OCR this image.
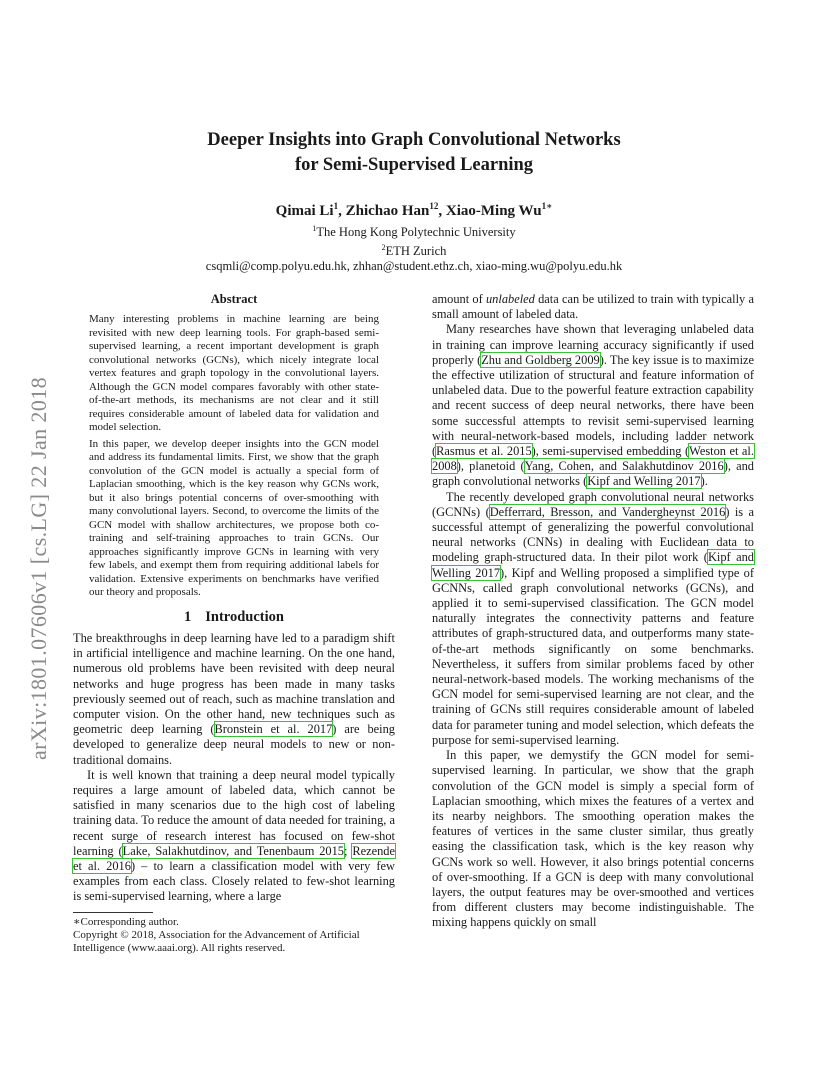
arXiv:1801.07606v1 [cs.LG] 22 Jan 2018
Deeper Insights into Graph Convolutional Networks
for Semi-Supervised Learning
Qimai Li$^1$, Zhichao Han$^{12}$, Xiao-Ming $Wu^{1∗}$
$^1$The Hong Kong Polytechnic University
$^2$ETH Zurich
csqmli@comp.polyu.edu.hk, zhhan@student.ethz.ch, xiao-ming.wu@polyu.edu.hk
Abstract

Many interesting problems in machine learning are being revisited with new deep learning tools. For graph-based semi-supervised learning, a recent important development is graph convolutional networks (GCNs), which nicely integrate local vertex features and graph topology in the convolutional layers. Although the GCN model compares favorably with other state-of-the-art methods, its mechanisms are not clear and it still requires considerable amount of labeled data for validation and model selection.

In this paper, we develop deeper insights into the GCN model and address its fundamental limits. First, we show that the graph convolution of the GCN model is actually a special form of Laplacian smoothing, which is the key reason why GCNs work, but it also brings potential concerns of over-smoothing with many convolutional layers. Second, to overcome the limits of the GCN model with shallow architectures, we propose both co-training and self-training approaches to train GCNs. Our approaches significantly improve GCNs in learning with very few labels, and exempt them from requiring additional labels for validation. Extensive experiments on benchmarks have verified our theory and proposals.

1 Introduction

The breakthroughs in deep learning have led to a paradigm shift in artificial intelligence and machine learning. On the one hand, numerous old problems have been revisited with deep neural networks and huge progress has been made in many tasks previously seemed out of reach, such as machine translation and computer vision. On the other hand, new techniques such as geometric deep learning (Bronstein et al. 2017) are being developed to generalize deep neural models to new or non-traditional domains.

It is well known that training a deep neural model typically requires a large amount of labeled data, which cannot be satisfied in many scenarios due to the high cost of labeling training data. To reduce the amount of data needed for training, a recent surge of research interest has focused on few-shot learning (Lake, Salakhutdinov, and Tenenbaum 2015; Rezende et al. 2016) – to learn a classification model with very few examples from each class. Closely related to few-shot learning is semi-supervised learning, where a large

∗Corresponding author.

Copyright © 2018, Association for the Advancement of Artificial Intelligence (www.aaai.org). All rights reserved.

amount of unlabeled data can be utilized to train with typically a small amount of labeled data.

Many researches have shown that leveraging unlabeled data in training can improve learning accuracy significantly if used properly (Zhu and Goldberg 2009). The key issue is to maximize the effective utilization of structural and feature information of unlabeled data. Due to the powerful feature extraction capability and recent success of deep neural networks, there have been some successful attempts to revisit semi-supervised learning with neural-network-based models, including ladder network (Rasmus et al. 2015), semi-supervised embedding (Weston et al. 2008), planetoid (Yang, Cohen, and Salakhutdinov 2016), and graph convolutional networks (Kipf and Welling 2017).

The recently developed graph convolutional neural networks (GCNNs) (Defferrard, Bresson, and Vandergheynst 2016) is a successful attempt of generalizing the powerful convolutional neural networks (CNNs) in dealing with Euclidean data to modeling graph-structured data. In their pilot work (Kipf and Welling 2017), Kipf and Welling proposed a simplified type of GCNNs, called graph convolutional networks (GCNs), and applied it to semi-supervised classification. The GCN model naturally integrates the connectivity patterns and feature attributes of graph-structured data, and outperforms many state-of-the-art methods significantly on some benchmarks. Nevertheless, it suffers from similar problems faced by other neural-network-based models. The working mechanisms of the GCN model for semi-supervised learning are not clear, and the training of GCNs still requires considerable amount of labeled data for parameter tuning and model selection, which defeats the purpose for semi-supervised learning.

In this paper, we demystify the GCN model for semi-supervised learning. In particular, we show that the graph convolution of the GCN model is simply a special form of Laplacian smoothing, which mixes the features of a vertex and its nearby neighbors. The smoothing operation makes the features of vertices in the same cluster similar, thus greatly easing the classification task, which is the key reason why GCNs work so well. However, it also brings potential concerns of over-smoothing. If a GCN is deep with many convolutional layers, the output features may be over-smoothed and vertices from different clusters may become indistinguishable. The mixing happens quickly on small
